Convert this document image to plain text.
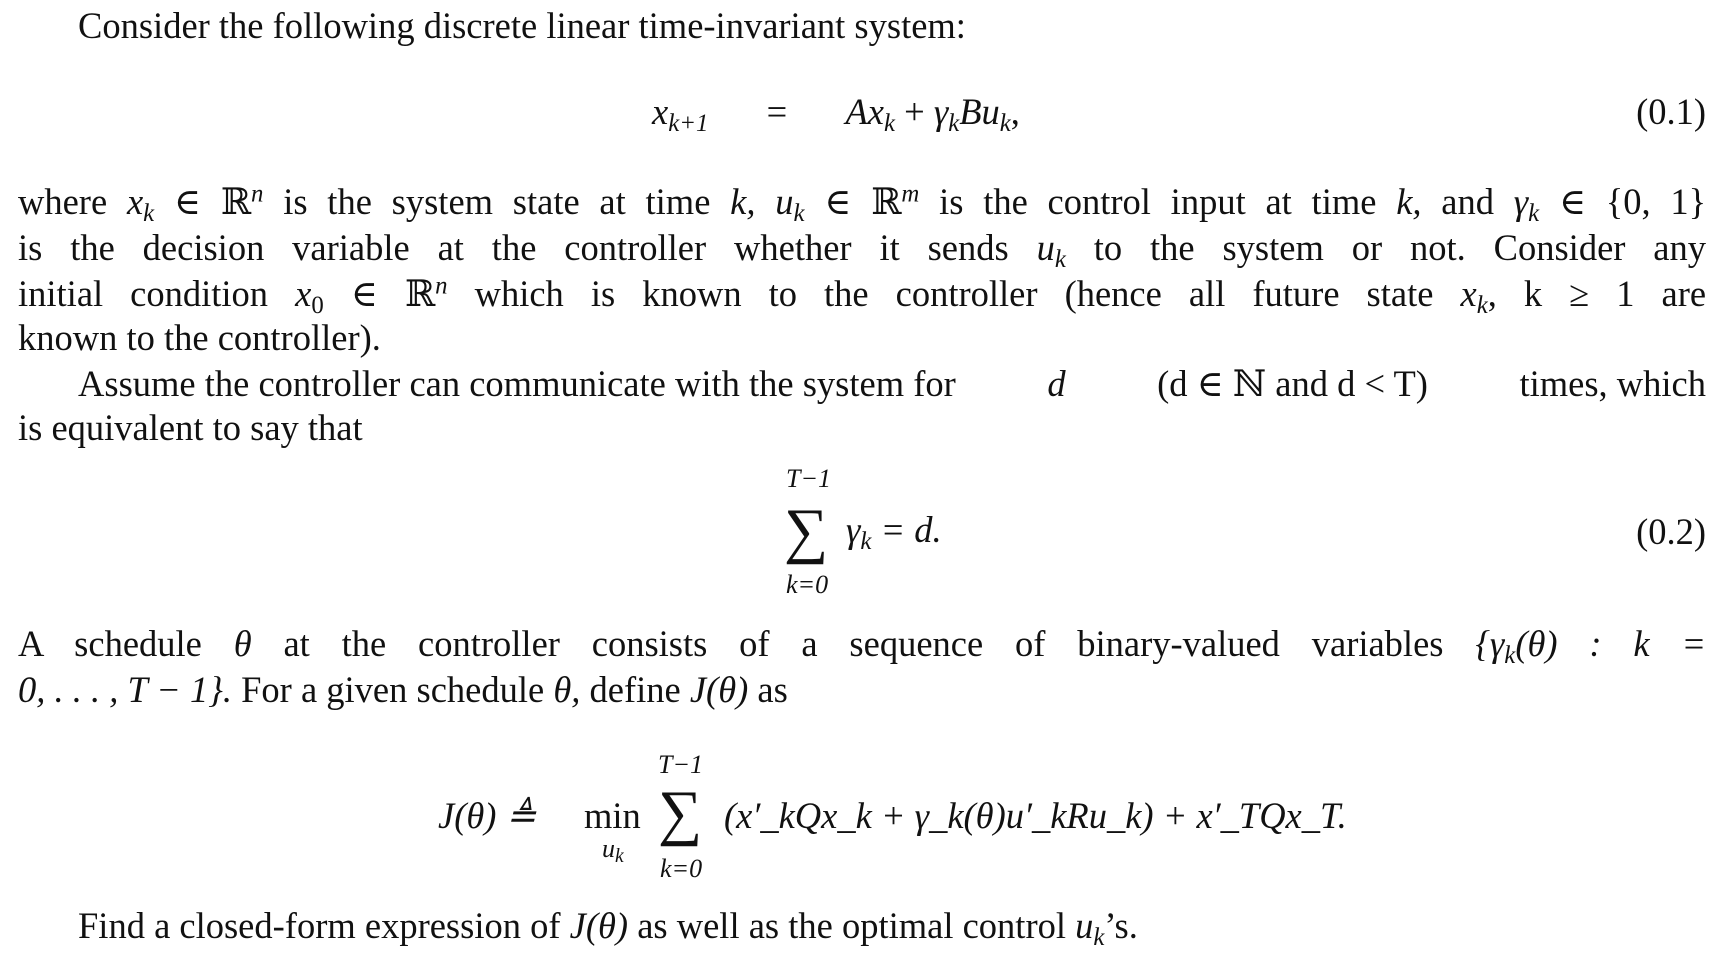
Consider the following discrete linear time-invariant system:
$x_{k+1} = Ax_k + \gamma_kBu_k$,	(0.1)
where $x_k$ ∈ ℝ$^n$ is the system state at time k, $u_k$ ∈ ℝ$^m$ is the control input at time k, and $\gamma_k$ ∈ {0, 1}
is the decision variable at the controller whether it sends $u_k$ to the system or not. Consider any
initial condition $x_0$ ∈ ℝ$^n$ which is known to the controller (hence all future state $x_k$, k ≥ 1 are
known to the controller).
Assume the controller can communicate with the system for	d	(d ∈ ℕ and d < T)	times, which
is equivalent to say that
T−1
∑
k=0
$\gamma_k = d$.	(0.2)
A schedule θ at the controller consists of a sequence of binary-valued variables {$\gamma_k(\theta)$ : k =
0, . . . , T − 1}. For a given schedule θ, define J(θ) as
J(θ) ≜ min
uk
T−1
∑
k=0
(x′_kQx_k + γ_k(θ)u′_kRu_k) + x′_TQx_T.
Find a closed-form expression of J(θ) as well as the optimal control $u_k’s$.
